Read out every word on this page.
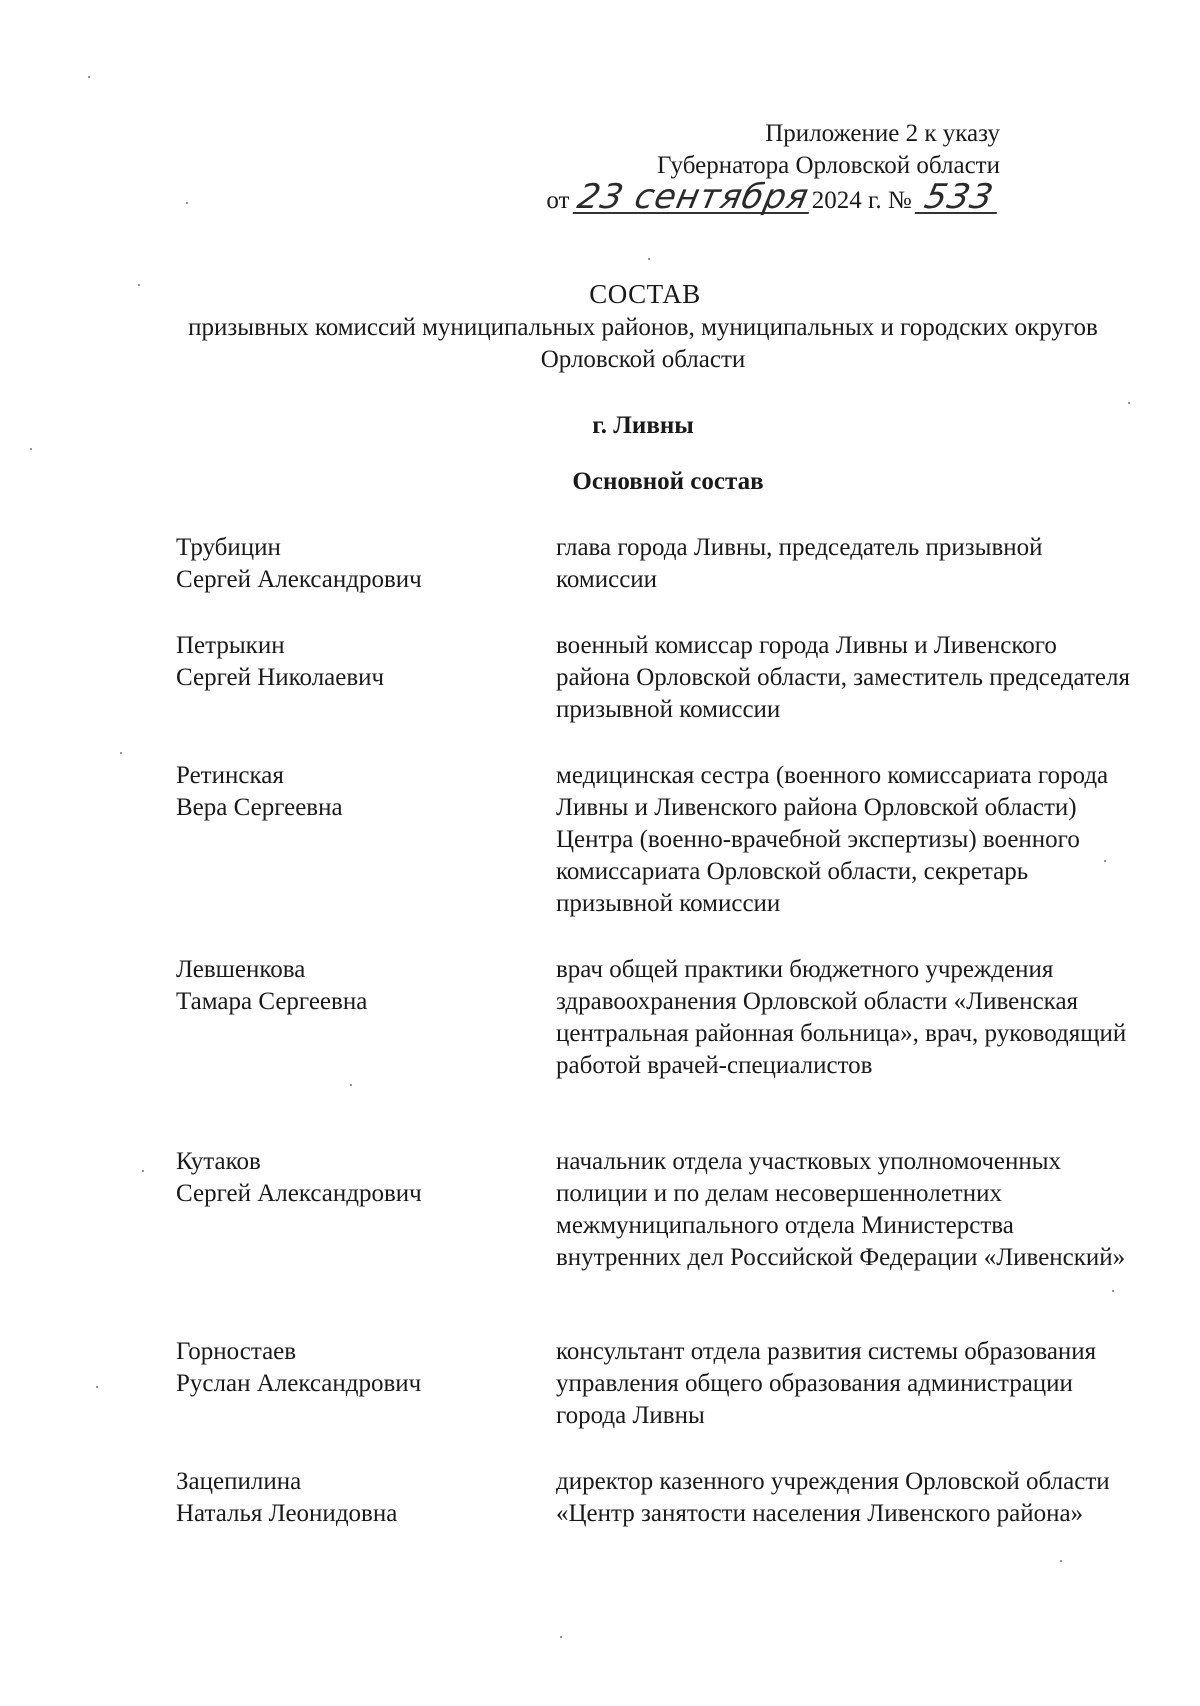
Приложение 2 к указу
Губернатора Орловской области
от 23 сентября2024 г. № 533
СОСТАВ
призывных комиссий муниципальных районов, муниципальных и городских округов Орловской области
г. Ливны
Основной состав
Трубицин
Сергей Александрович
глава города Ливны, председатель призывной комиссии
Петрыкин
Сергей Николаевич
военный комиссар города Ливны и Ливенского района Орловской области, заместитель председателя призывной комиссии
Ретинская
Вера Сергеевна
медицинская сестра (военного комиссариата города Ливны и Ливенского района Орловской области) Центра (военно-врачебной экспертизы) военного комиссариата Орловской области, секретарь призывной комиссии
Левшенкова
Тамара Сергеевна
врач общей практики бюджетного учреждения здравоохранения Орловской области «Ливенская центральная районная больница», врач, руководящий работой врачей-специалистов
Кутаков
Сергей Александрович
начальник отдела участковых уполномоченных полиции и по делам несовершеннолетних межмуниципального отдела Министерства внутренних дел Российской Федерации «Ливенский»
Горностаев
Руслан Александрович
консультант отдела развития системы образования управления общего образования администрации города Ливны
Зацепилина
Наталья Леонидовна
директор казенного учреждения Орловской области «Центр занятости населения Ливенского района»
